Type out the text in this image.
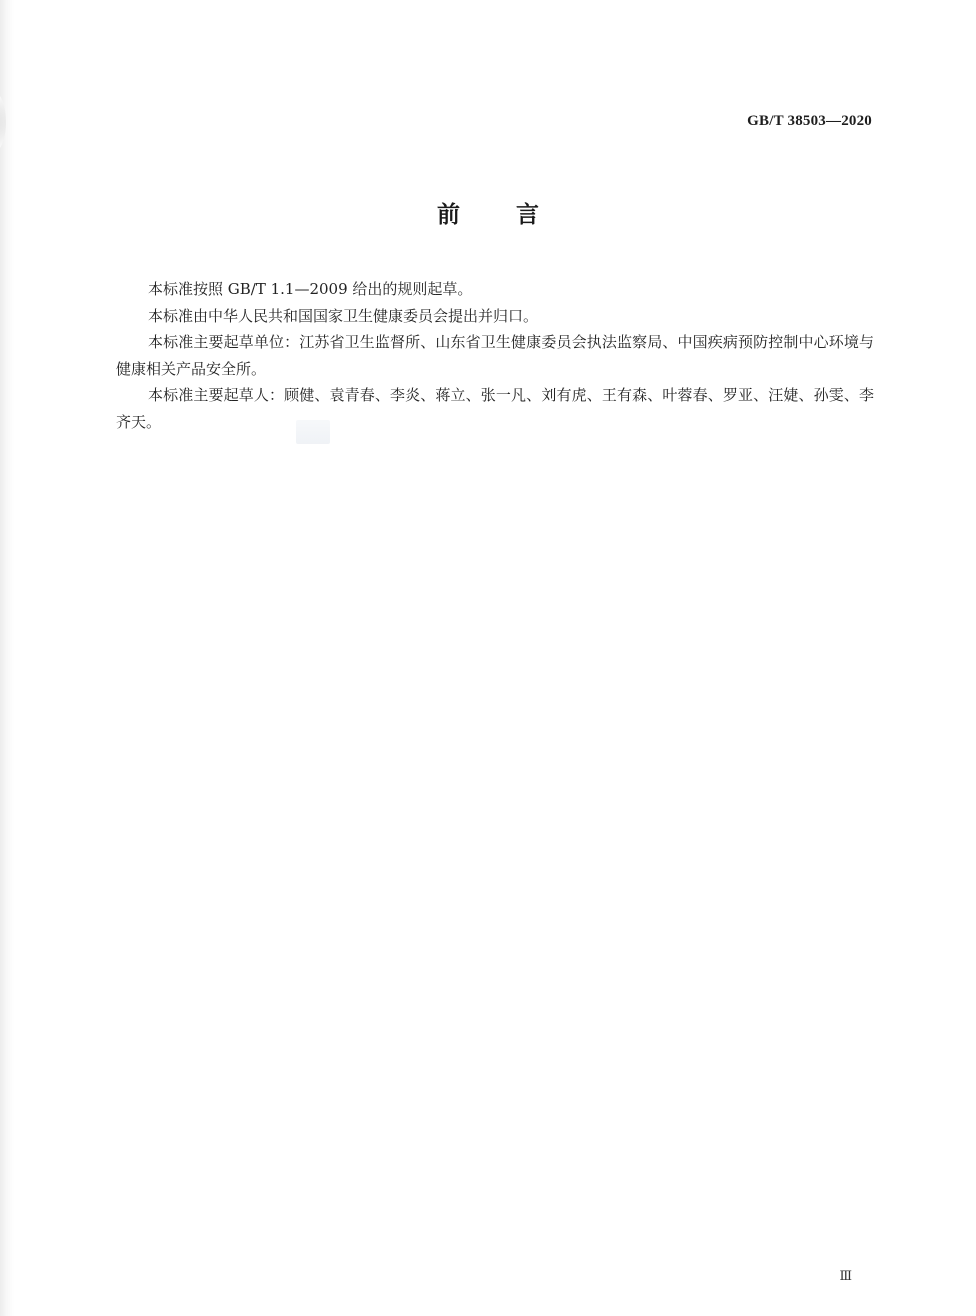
GB/T 38503—2020
前言

本标准按照 GB/T 1.1—2009 给出的规则起草。

本标准由中华人民共和国国家卫生健康委员会提出并归口。

本标准主要起草单位：江苏省卫生监督所、山东省卫生健康委员会执法监察局、中国疾病预防控制中心环境与健康相关产品安全所。

本标准主要起草人：顾健、袁青春、李炎、蒋立、张一凡、刘有虎、王有森、叶蓉春、罗亚、汪婕、孙雯、李齐天。

Ⅲ
